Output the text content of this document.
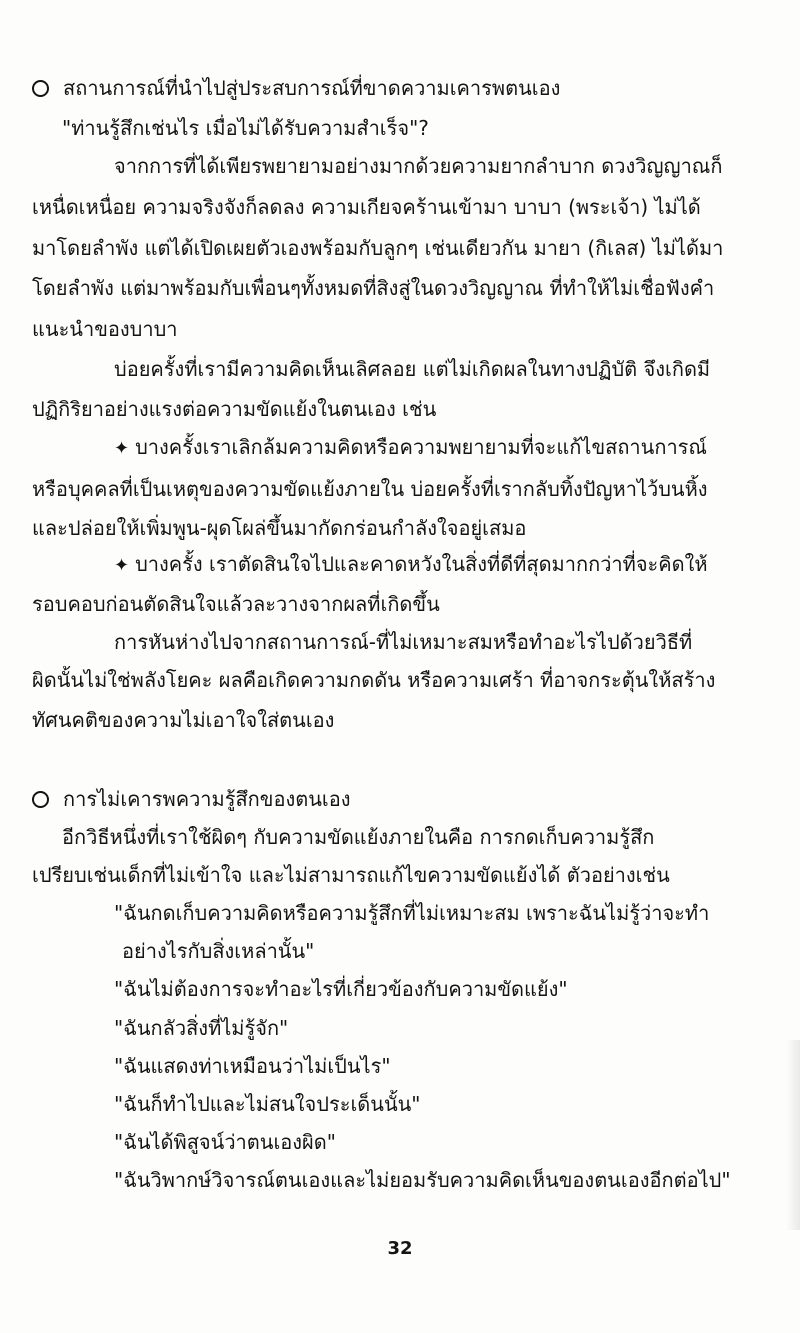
สถานการณ์ที่นำไปสู่ประสบการณ์ที่ขาดความเคารพตนเอง
"ท่านรู้สึกเช่นไร เมื่อไม่ได้รับความสำเร็จ"?
จากการที่ได้เพียรพยายามอย่างมากด้วยความยากลำบาก ดวงวิญญาณก็
เหนื่ดเหนื่อย ความจริงจังก็ลดลง ความเกียจคร้านเข้ามา บาบา (พระเจ้า) ไม่ได้
มาโดยลำพัง แต่ได้เปิดเผยตัวเองพร้อมกับลูกๆ เช่นเดียวกัน มายา (กิเลส) ไม่ได้มา
โดยลำพัง แต่มาพร้อมกับเพื่อนๆทั้งหมดที่สิงสู่ในดวงวิญญาณ ที่ทำให้ไม่เชื่อฟังคำ
แนะนำของบาบา
บ่อยครั้งที่เรามีความคิดเห็นเลิศลอย แต่ไม่เกิดผลในทางปฏิบัติ จึงเกิดมี
ปฏิกิริยาอย่างแรงต่อความขัดแย้งในตนเอง เช่น
✦ บางครั้งเราเลิกล้มความคิดหรือความพยายามที่จะแก้ไขสถานการณ์
หรือบุคคลที่เป็นเหตุของความขัดแย้งภายใน บ่อยครั้งที่เรากลับทิ้งปัญหาไว้บนหิ้ง
และปล่อยให้เพิ่มพูน-ผุดโผล่ขึ้นมากัดกร่อนกำลังใจอยู่เสมอ
✦ บางครั้ง เราตัดสินใจไปและคาดหวังในสิ่งที่ดีที่สุดมากกว่าที่จะคิดให้
รอบคอบก่อนตัดสินใจแล้วละวางจากผลที่เกิดขึ้น
การหันห่างไปจากสถานการณ์-ที่ไม่เหมาะสมหรือทำอะไรไปด้วยวิธีที่
ผิดนั้นไม่ใช่พลังโยคะ ผลคือเกิดความกดดัน หรือความเศร้า ที่อาจกระตุ้นให้สร้าง
ทัศนคติของความไม่เอาใจใส่ตนเอง
การไม่เคารพความรู้สึกของตนเอง
อีกวิธีหนึ่งที่เราใช้ผิดๆ กับความขัดแย้งภายในคือ การกดเก็บความรู้สึก
เปรียบเช่นเด็กที่ไม่เข้าใจ และไม่สามารถแก้ไขความขัดแย้งได้ ตัวอย่างเช่น
"ฉันกดเก็บความคิดหรือความรู้สึกที่ไม่เหมาะสม เพราะฉันไม่รู้ว่าจะทำ
อย่างไรกับสิ่งเหล่านั้น"
"ฉันไม่ต้องการจะทำอะไรที่เกี่ยวข้องกับความขัดแย้ง"
"ฉันกลัวสิ่งที่ไม่รู้จัก"
"ฉันแสดงท่าเหมือนว่าไม่เป็นไร"
"ฉันก็ทำไปและไม่สนใจประเด็นนั้น"
"ฉันได้พิสูจน์ว่าตนเองผิด"
"ฉันวิพากษ์วิจารณ์ตนเองและไม่ยอมรับความคิดเห็นของตนเองอีกต่อไป"
32
